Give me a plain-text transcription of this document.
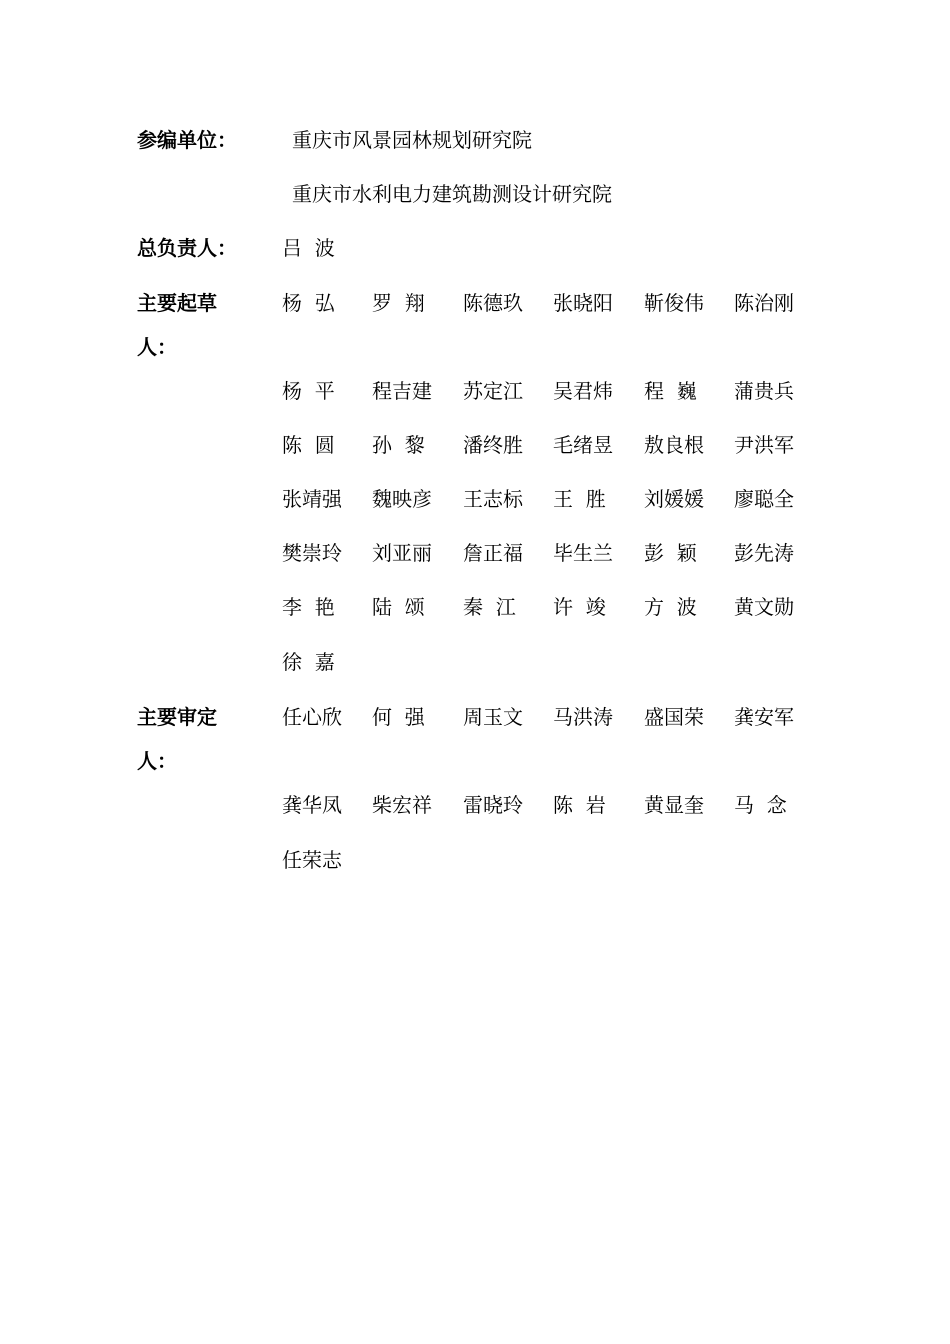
参编单位：	重庆市风景园林规划研究院
重庆市水利电力建筑勘测设计研究院
总负责人：	吕  波
主要起草人：
杨  弘	罗  翔	陈德玖	张晓阳	靳俊伟	陈治刚
杨  平	程吉建	苏定江	吴君炜	程  巍	蒲贵兵
陈  圆	孙  黎	潘终胜	毛绪昱	敖良根	尹洪军
张靖强	魏映彦	王志标	王  胜	刘媛媛	廖聪全
樊崇玲	刘亚丽	詹正福	毕生兰	彭  颖	彭先涛
李  艳	陆  颂	秦  江	许  竣	方  波	黄文勋
徐  嘉
主要审定人：
任心欣	何  强	周玉文	马洪涛	盛国荣	龚安军
龚华凤	柴宏祥	雷晓玲	陈  岩	黄显奎	马  念
任荣志
